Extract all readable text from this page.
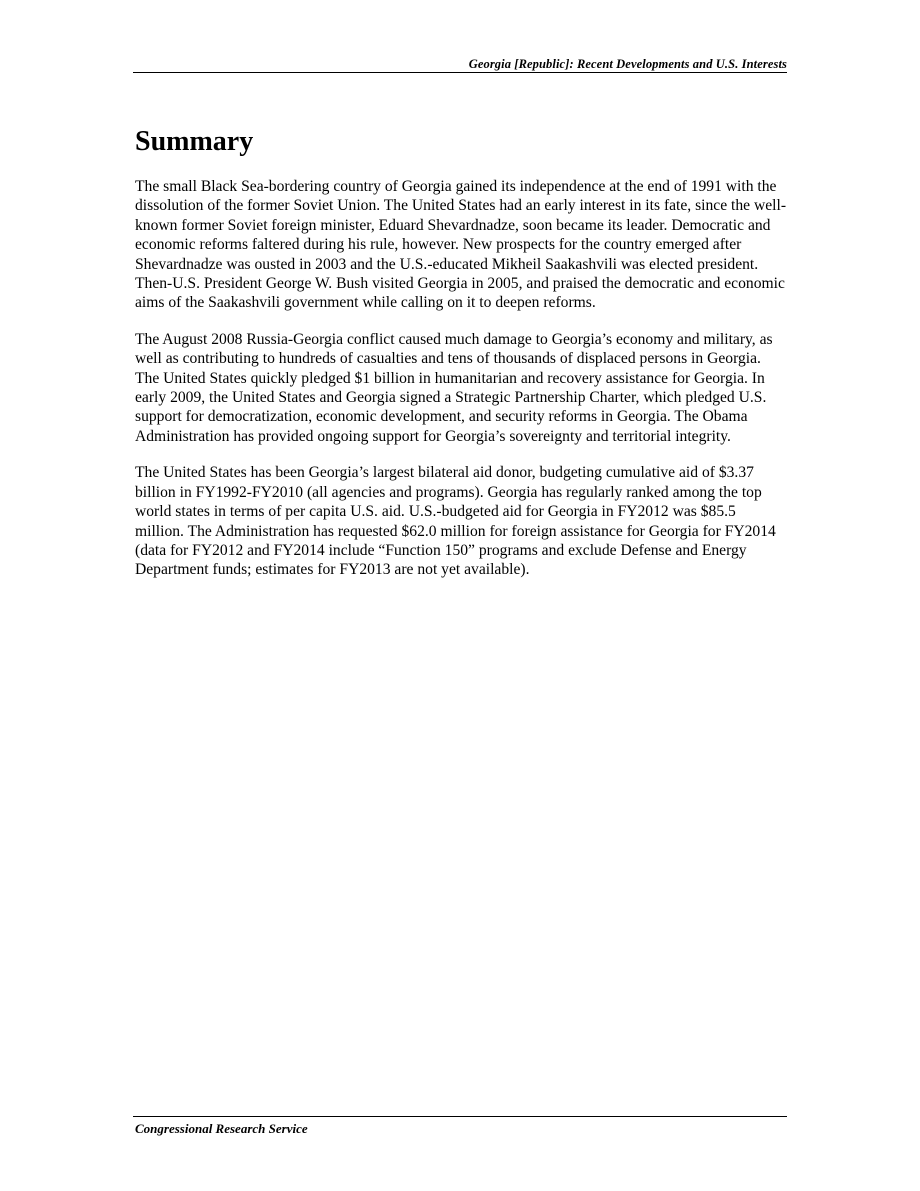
Georgia [Republic]: Recent Developments and U.S. Interests
Summary

The small Black Sea-bordering country of Georgia gained its independence at the end of 1991 with the dissolution of the former Soviet Union. The United States had an early interest in its fate, since the well-known former Soviet foreign minister, Eduard Shevardnadze, soon became its leader. Democratic and economic reforms faltered during his rule, however. New prospects for the country emerged after Shevardnadze was ousted in 2003 and the U.S.-educated Mikheil Saakashvili was elected president. Then-U.S. President George W. Bush visited Georgia in 2005, and praised the democratic and economic aims of the Saakashvili government while calling on it to deepen reforms.

The August 2008 Russia-Georgia conflict caused much damage to Georgia’s economy and military, as well as contributing to hundreds of casualties and tens of thousands of displaced persons in Georgia. The United States quickly pledged $1 billion in humanitarian and recovery assistance for Georgia. In early 2009, the United States and Georgia signed a Strategic Partnership Charter, which pledged U.S. support for democratization, economic development, and security reforms in Georgia. The Obama Administration has provided ongoing support for Georgia’s sovereignty and territorial integrity.

The United States has been Georgia’s largest bilateral aid donor, budgeting cumulative aid of $3.37 billion in FY1992-FY2010 (all agencies and programs). Georgia has regularly ranked among the top world states in terms of per capita U.S. aid. U.S.-budgeted aid for Georgia in FY2012 was $85.5 million. The Administration has requested $62.0 million for foreign assistance for Georgia for FY2014 (data for FY2012 and FY2014 include “Function 150” programs and exclude Defense and Energy Department funds; estimates for FY2013 are not yet available).

Congressional Research Service
